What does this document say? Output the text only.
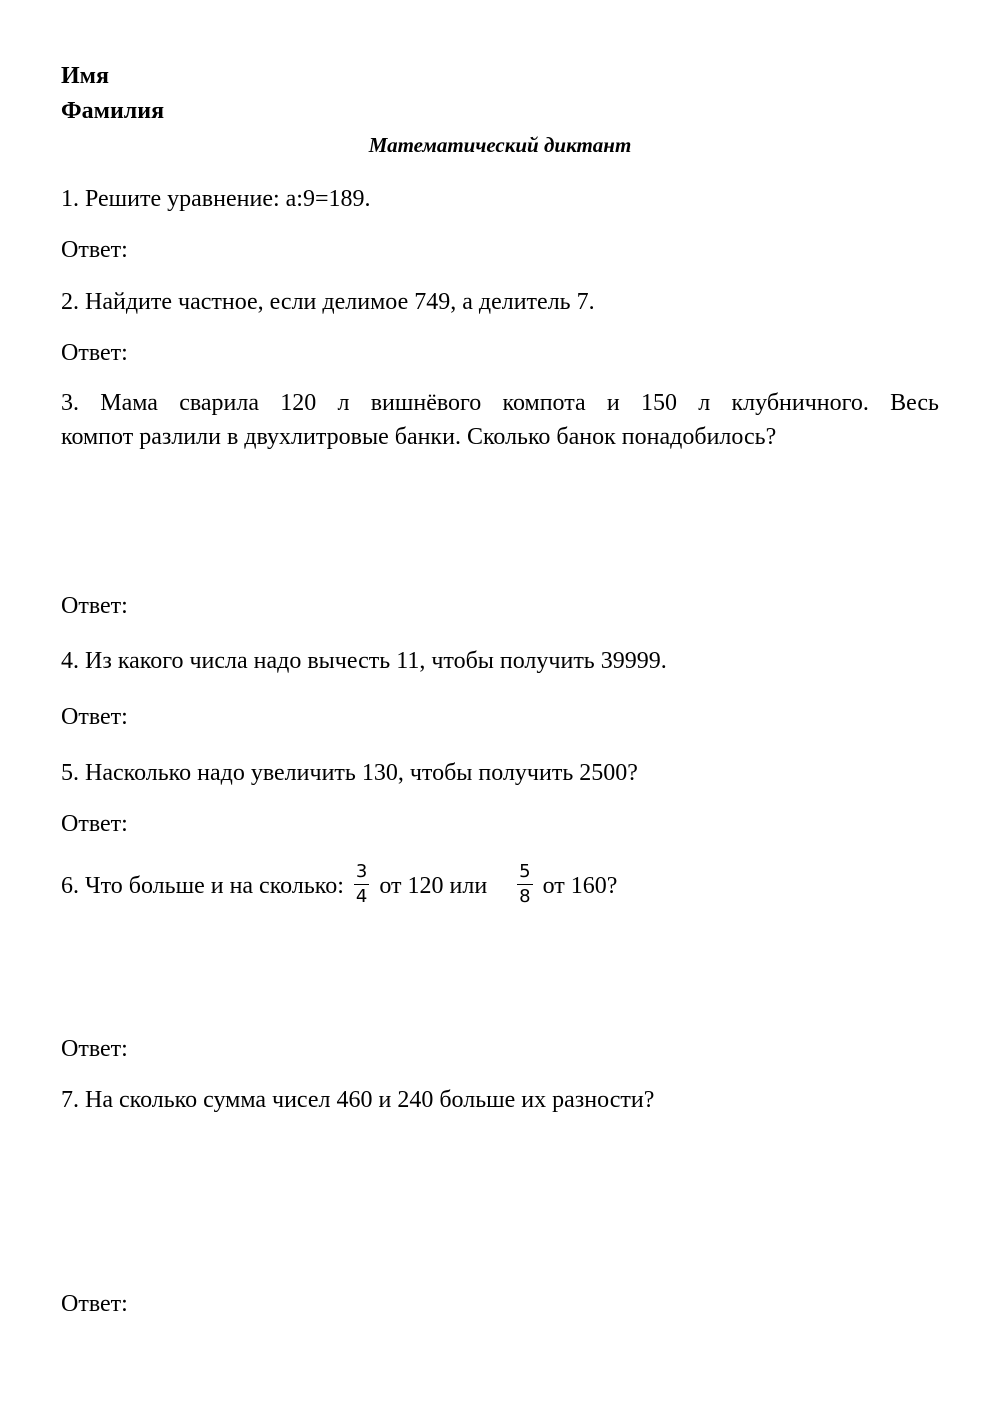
Имя
Фамилия
Математический диктант

1. Решите уравнение: а:9=189.

Ответ:

2. Найдите частное, если делимое 749, а делитель 7.

Ответ:
3. Мама сварила 120 л вишнёвого компота и 150 л клубничного. Весь
компот разлили в двухлитровые банки. Сколько банок понадобилось?
Ответ:

4. Из какого числа надо вычесть 11, чтобы получить 39999.

Ответ:

5. Насколько надо увеличить 130, чтобы получить 2500?

Ответ:

6. Что больше и на сколько: $\frac{3}{4}$ от 120 или $\frac{5}{8}$ от 160?

Ответ:

7. На сколько сумма чисел 460 и 240 больше их разности?

Ответ:
